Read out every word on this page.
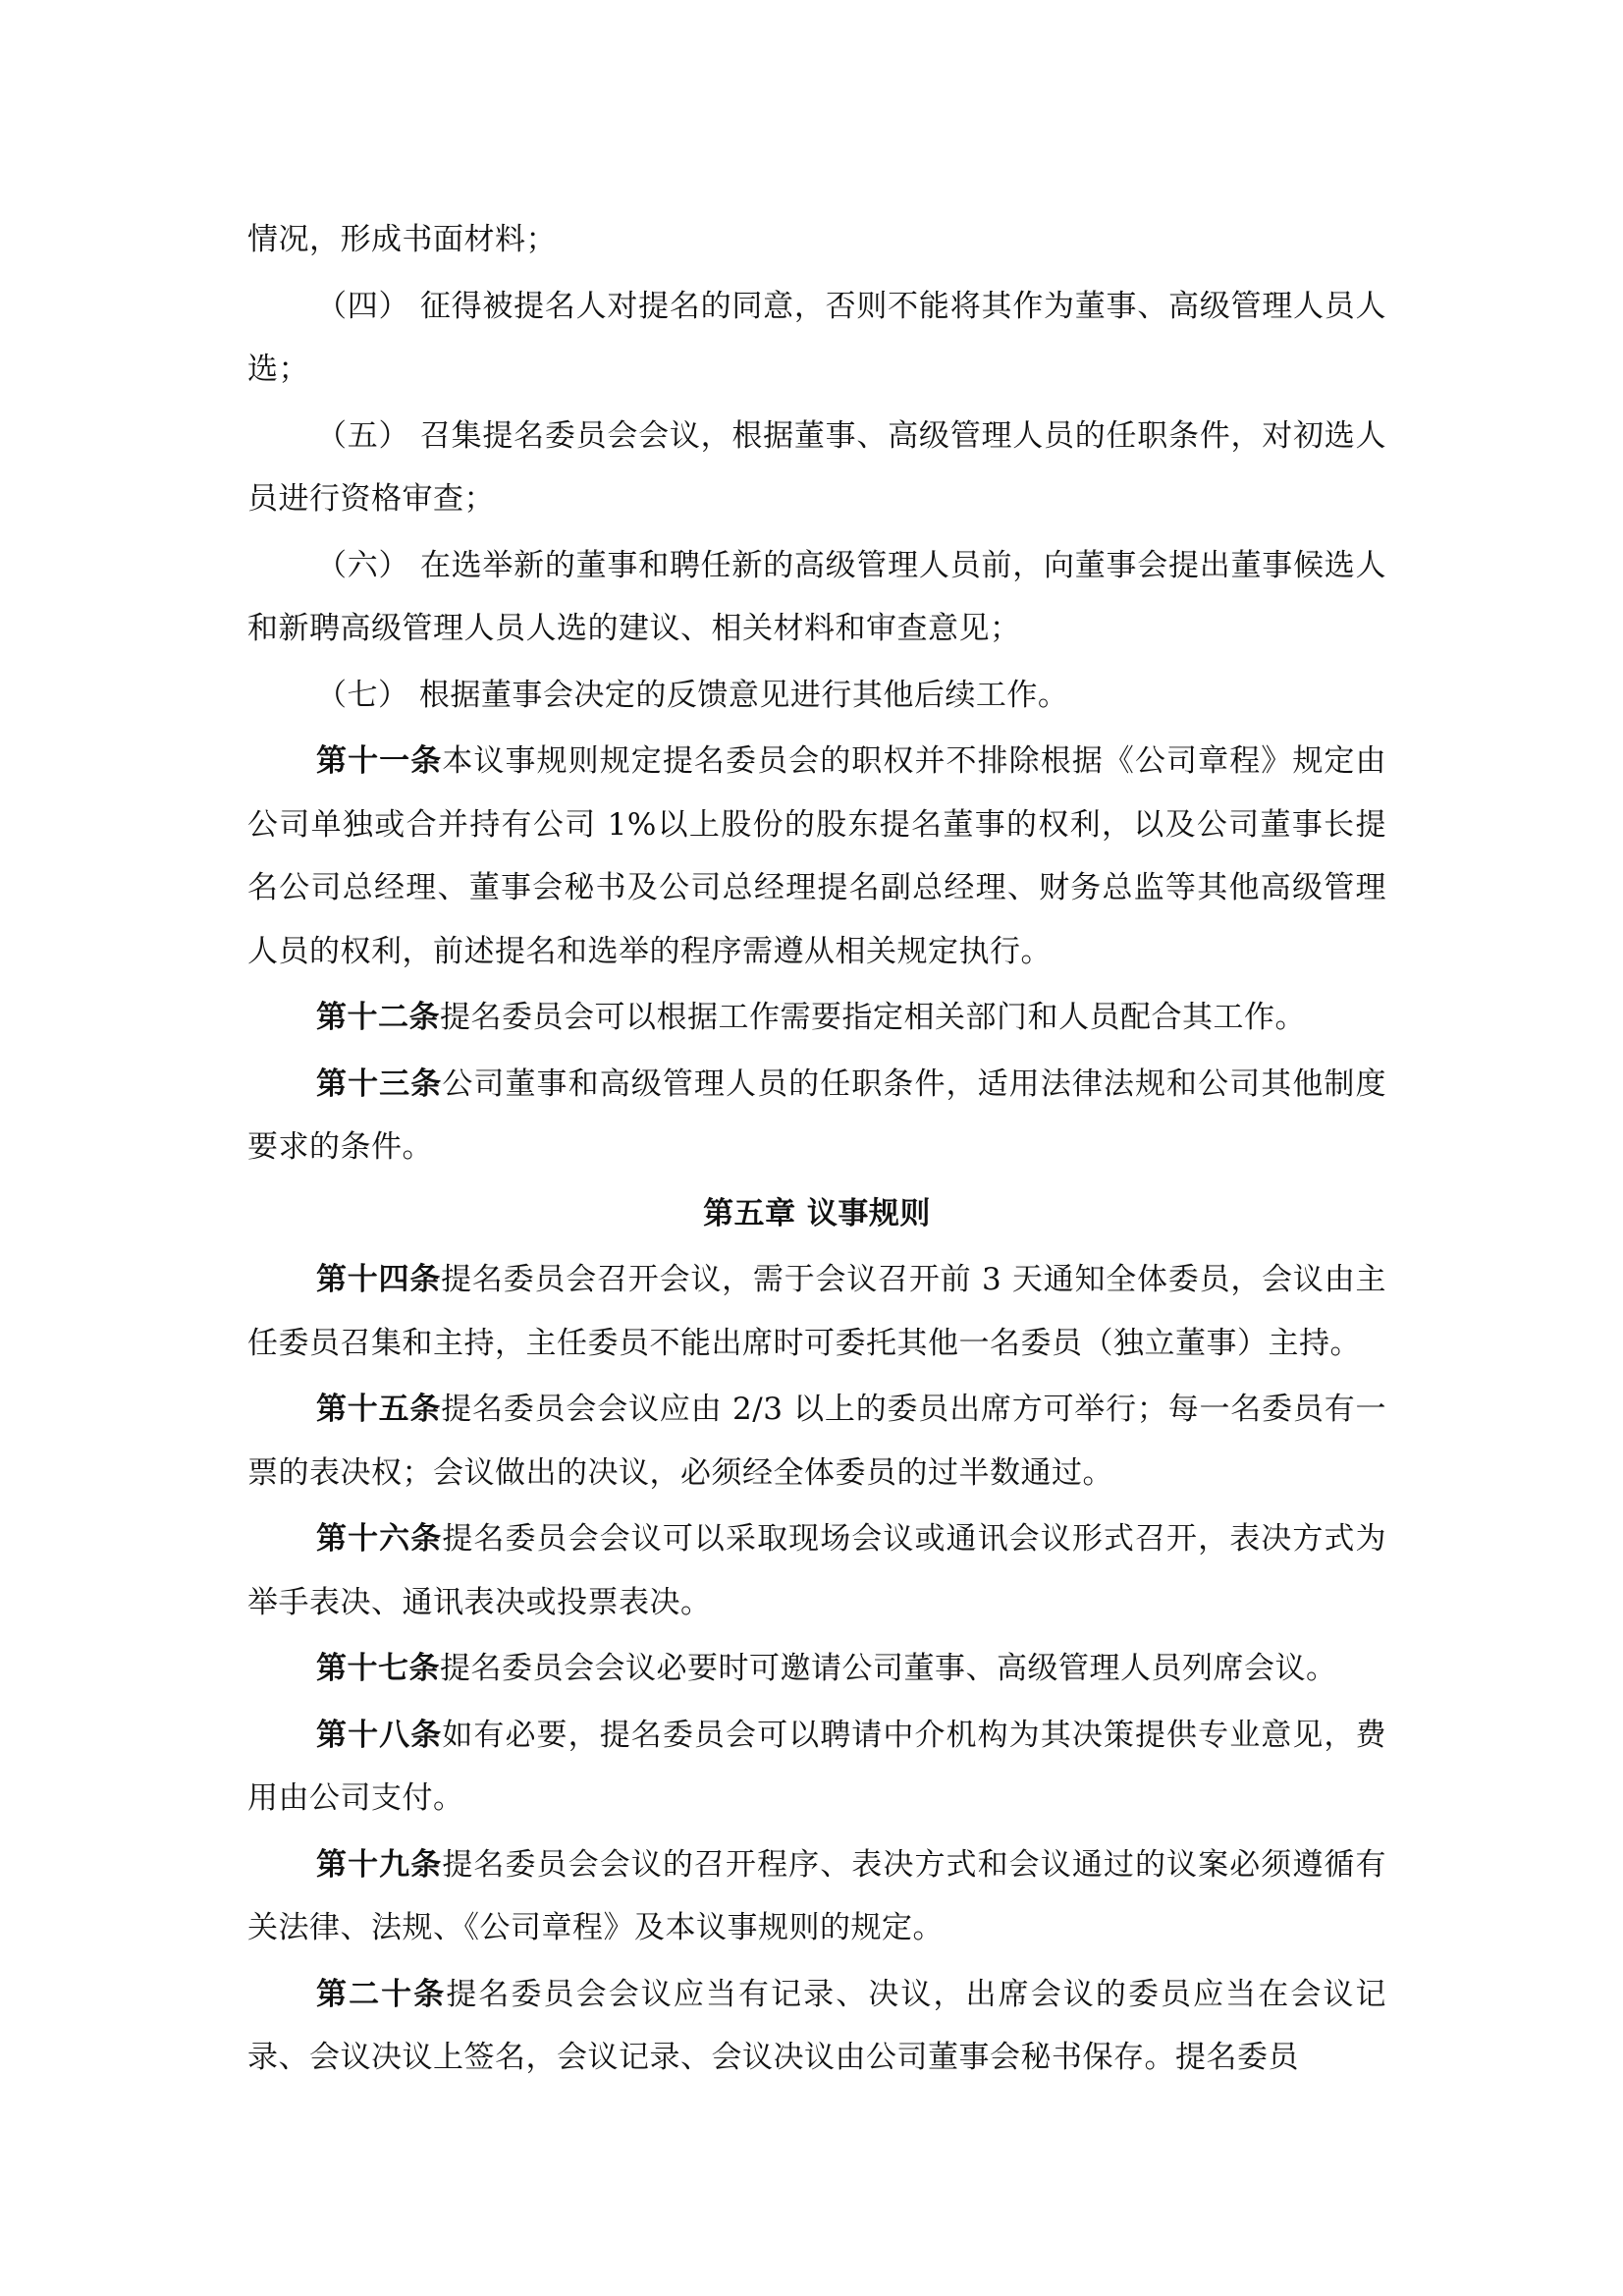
情况，形成书面材料；

（四） 征得被提名人对提名的同意，否则不能将其作为董事、高级管理人员人选；

（五） 召集提名委员会会议，根据董事、高级管理人员的任职条件，对初选人员进行资格审查；

（六） 在选举新的董事和聘任新的高级管理人员前，向董事会提出董事候选人和新聘高级管理人员人选的建议、相关材料和审查意见；

（七） 根据董事会决定的反馈意见进行其他后续工作。

第十一条本议事规则规定提名委员会的职权并不排除根据《公司章程》规定由公司单独或合并持有公司 1%以上股份的股东提名董事的权利，以及公司董事长提名公司总经理、董事会秘书及公司总经理提名副总经理、财务总监等其他高级管理人员的权利，前述提名和选举的程序需遵从相关规定执行。

第十二条提名委员会可以根据工作需要指定相关部门和人员配合其工作。

第十三条公司董事和高级管理人员的任职条件，适用法律法规和公司其他制度要求的条件。

第五章 议事规则

第十四条提名委员会召开会议，需于会议召开前 3 天通知全体委员，会议由主任委员召集和主持，主任委员不能出席时可委托其他一名委员（独立董事）主持。

第十五条提名委员会会议应由 2/3 以上的委员出席方可举行；每一名委员有一票的表决权；会议做出的决议，必须经全体委员的过半数通过。

第十六条提名委员会会议可以采取现场会议或通讯会议形式召开，表决方式为举手表决、通讯表决或投票表决。

第十七条提名委员会会议必要时可邀请公司董事、高级管理人员列席会议。

第十八条如有必要，提名委员会可以聘请中介机构为其决策提供专业意见，费用由公司支付。

第十九条提名委员会会议的召开程序、表决方式和会议通过的议案必须遵循有关法律、法规、《公司章程》及本议事规则的规定。

第二十条提名委员会会议应当有记录、决议，出席会议的委员应当在会议记录、会议决议上签名，会议记录、会议决议由公司董事会秘书保存。提名委员
